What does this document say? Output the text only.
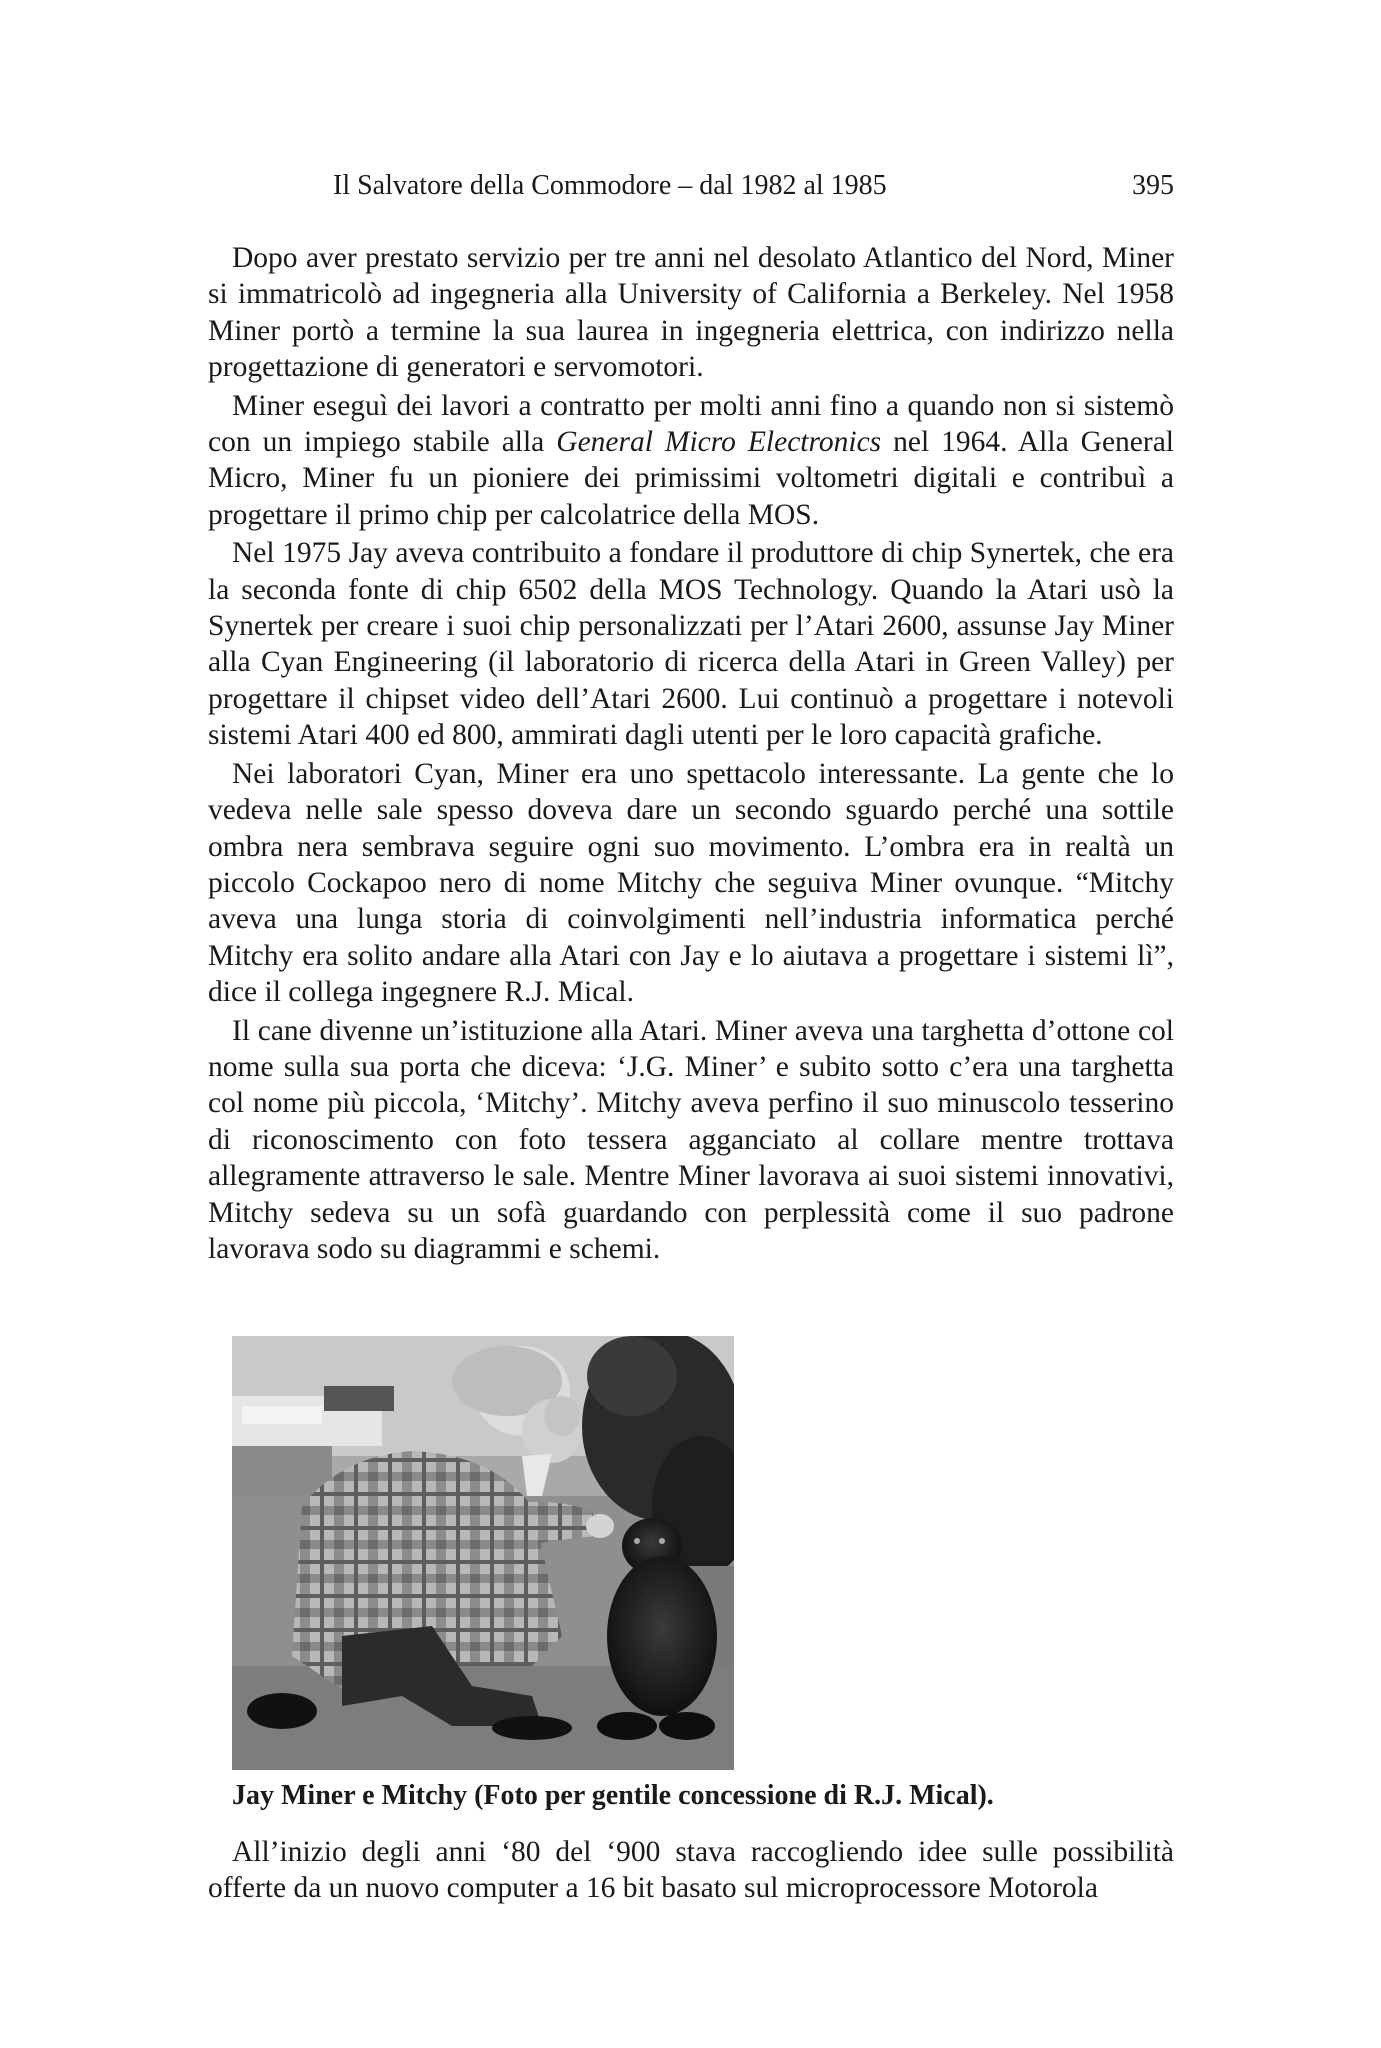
Il Salvatore della Commodore – dal 1982 al 1985	395

Dopo aver prestato servizio per tre anni nel desolato Atlantico del Nord, Miner si immatricolò ad ingegneria alla University of California a Berkeley. Nel 1958 Miner portò a termine la sua laurea in ingegneria elettrica, con indirizzo nella progettazione di generatori e servomotori.

Miner eseguì dei lavori a contratto per molti anni fino a quando non si sistemò con un impiego stabile alla General Micro Electronics nel 1964. Alla General Micro, Miner fu un pioniere dei primissimi voltometri digitali e contribuì a progettare il primo chip per calcolatrice della MOS.

Nel 1975 Jay aveva contribuito a fondare il produttore di chip Synertek, che era la seconda fonte di chip 6502 della MOS Technology. Quando la Atari usò la Synertek per creare i suoi chip personalizzati per l’Atari 2600, assunse Jay Miner alla Cyan Engineering (il laboratorio di ricerca della Atari in Green Valley) per progettare il chipset video dell’Atari 2600. Lui continuò a progettare i notevoli sistemi Atari 400 ed 800, ammirati dagli utenti per le loro capacità grafiche.

Nei laboratori Cyan, Miner era uno spettacolo interessante. La gente che lo vedeva nelle sale spesso doveva dare un secondo sguardo perché una sottile ombra nera sembrava seguire ogni suo movimento. L’ombra era in realtà un piccolo Cockapoo nero di nome Mitchy che seguiva Miner ovunque. “Mitchy aveva una lunga storia di coinvolgimenti nell’industria informatica perché Mitchy era solito andare alla Atari con Jay e lo aiutava a progettare i sistemi lì”, dice il collega ingegnere R.J. Mical.

Il cane divenne un’istituzione alla Atari. Miner aveva una targhetta d’ottone col nome sulla sua porta che diceva: ‘J.G. Miner’ e subito sotto c’era una targhetta col nome più piccola, ‘Mitchy’. Mitchy aveva perfino il suo minuscolo tesserino di riconoscimento con foto tessera agganciato al collare mentre trottava allegramente attraverso le sale. Mentre Miner lavorava ai suoi sistemi innovativi, Mitchy sedeva su un sofà guardando con perplessità come il suo padrone lavorava sodo su diagrammi e schemi.

Jay Miner e Mitchy (Foto per gentile concessione di R.J. Mical).

All’inizio degli anni ‘80 del ‘900 stava raccogliendo idee sulle possibilità offerte da un nuovo computer a 16 bit basato sul microprocessore Motorola
